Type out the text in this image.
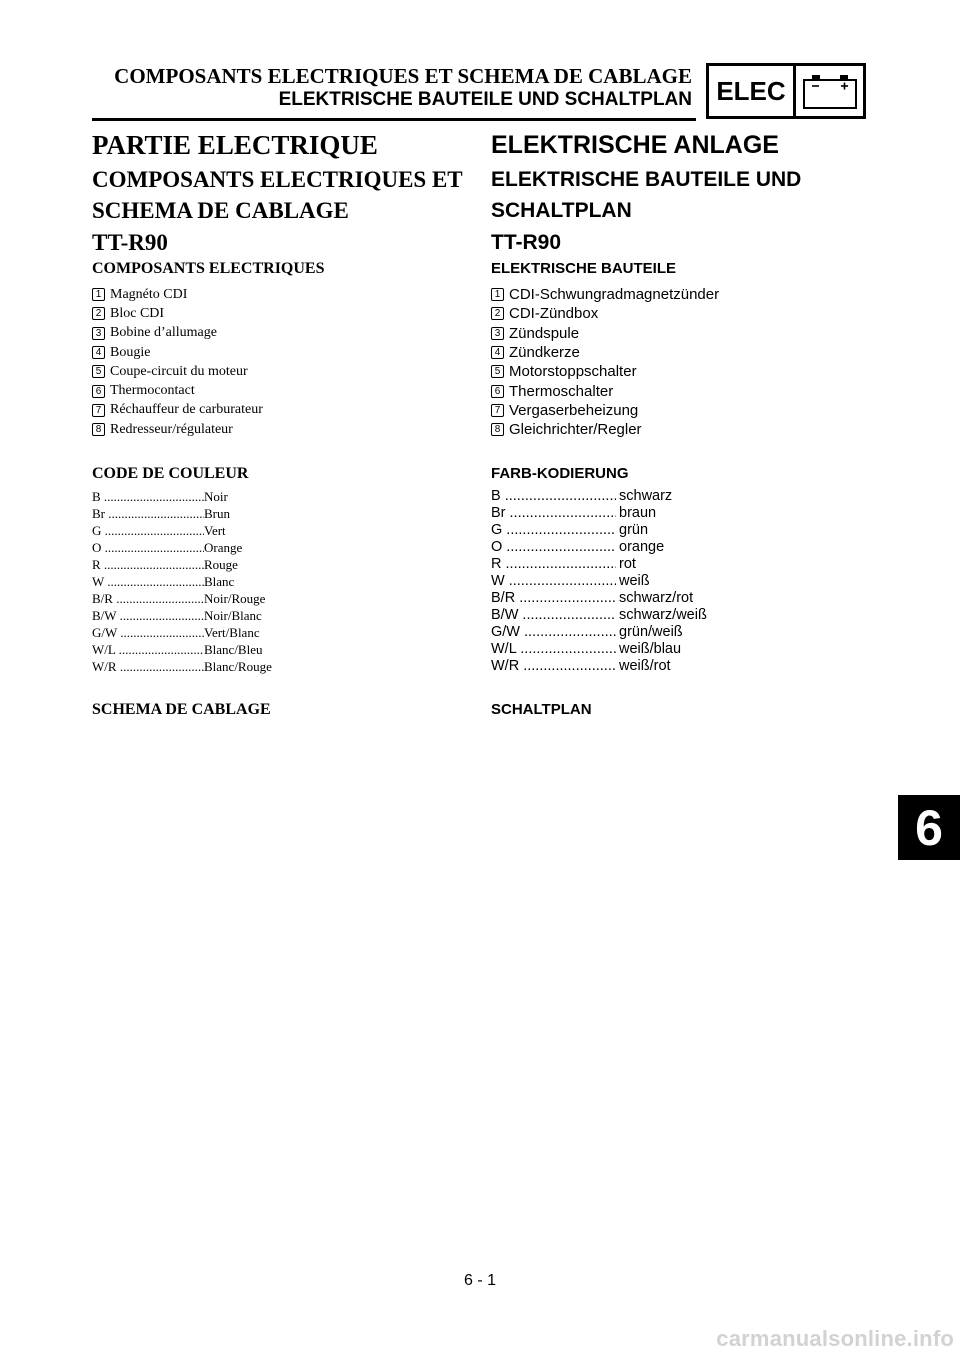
COMPOSANTS ELECTRIQUES ET SCHEMA DE CABLAGE
ELEKTRISCHE BAUTEILE UND SCHALTPLAN ELEC
PARTIE ELECTRIQUE
COMPOSANTS ELECTRIQUES ET
SCHEMA DE CABLAGE
TT-R90
COMPOSANTS ELECTRIQUES
1 Magnéto CDI
2 Bloc CDI
3 Bobine d’allumage
4 Bougie
5 Coupe-circuit du moteur
6 Thermocontact
7 Réchauffeur de carburateur
8 Redresseur/régulateur
CODE DE COULEUR
B .....	Noir
Br .....	Brun
G .....	Vert
O .....	Orange
R .....	Rouge
W .....	Blanc
B/R .....	Noir/Rouge
B/W .....	Noir/Blanc
G/W .....	Vert/Blanc
W/L .....	Blanc/Bleu
W/R .....	Blanc/Rouge
SCHEMA DE CABLAGE
ELEKTRISCHE ANLAGE
ELEKTRISCHE BAUTEILE UND
SCHALTPLAN
TT-R90
ELEKTRISCHE BAUTEILE
1 CDI-Schwungradmagnetzünder
2 CDI-Zündbox
3 Zündspule
4 Zündkerze
5 Motorstoppschalter
6 Thermoschalter
7 Vergaserbeheizung
8 Gleichrichter/Regler
FARB-KODIERUNG
B .....	schwarz
Br .....	braun
G .....	grün
O .....	orange
R .....	rot
W .....	weiß
B/R .....	schwarz/rot
B/W .....	schwarz/weiß
G/W .....	grün/weiß
W/L .....	weiß/blau
W/R .....	weiß/rot
SCHALTPLAN
6
6 - 1
carmanualsonline.info
